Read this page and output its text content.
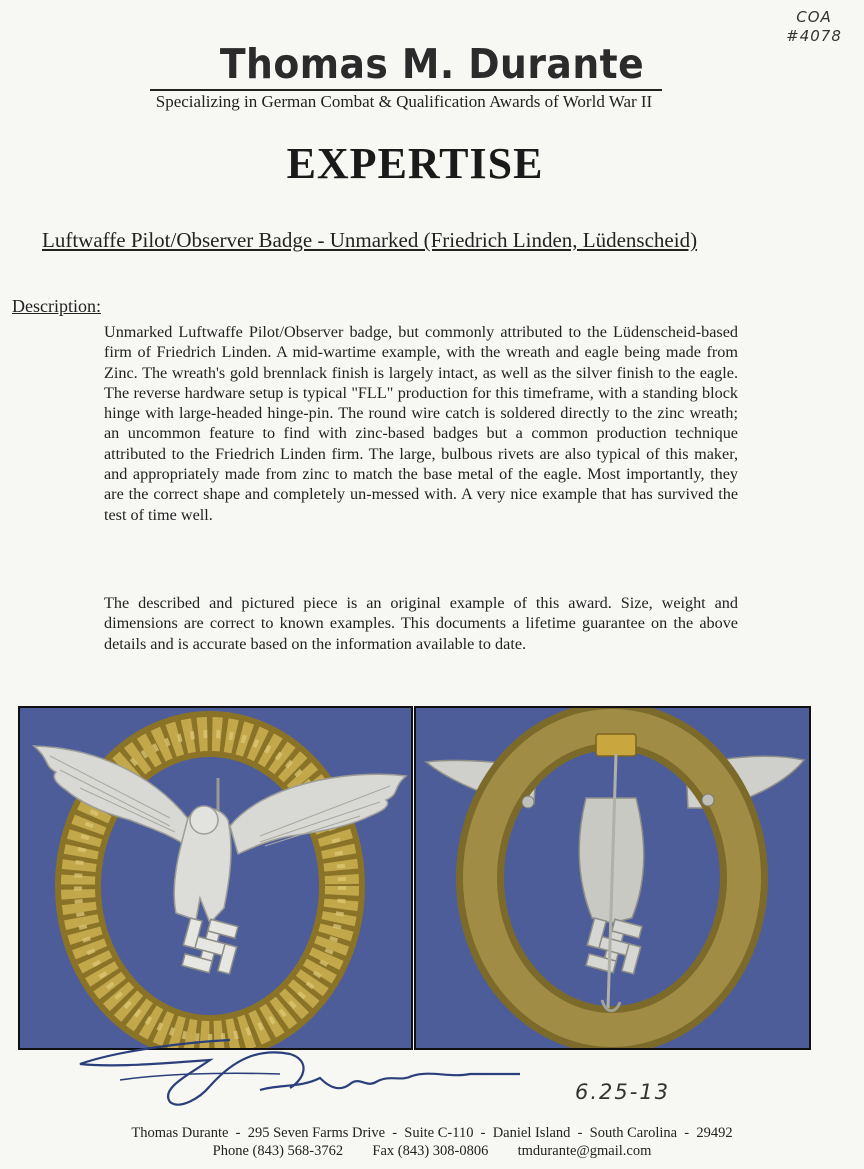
COA
#4078
Thomas M. Durante
Specializing in German Combat & Qualification Awards of World War II
EXPERTISE
Luftwaffe Pilot/Observer Badge - Unmarked (Friedrich Linden, Lüdenscheid)
Description:
Unmarked Luftwaffe Pilot/Observer badge, but commonly attributed to the Lüdenscheid-based firm of Friedrich Linden. A mid-wartime example, with the wreath and eagle being made from Zinc. The wreath's gold brennlack finish is largely intact, as well as the silver finish to the eagle. The reverse hardware setup is typical "FLL" production for this timeframe, with a standing block hinge with large-headed hinge-pin. The round wire catch is soldered directly to the zinc wreath; an uncommon feature to find with zinc-based badges but a common production technique attributed to the Friedrich Linden firm. The large, bulbous rivets are also typical of this maker, and appropriately made from zinc to match the base metal of the eagle. Most importantly, they are the correct shape and completely un-messed with. A very nice example that has survived the test of time well.
The described and pictured piece is an original example of this award. Size, weight and dimensions are correct to known examples. This documents a lifetime guarantee on the above details and is accurate based on the information available to date.
6.25-13
Thomas Durante - 295 Seven Farms Drive - Suite C-110 - Daniel Island - South Carolina - 29492
Phone (843) 568-3762 Fax (843) 308-0806 tmdurante@gmail.com
